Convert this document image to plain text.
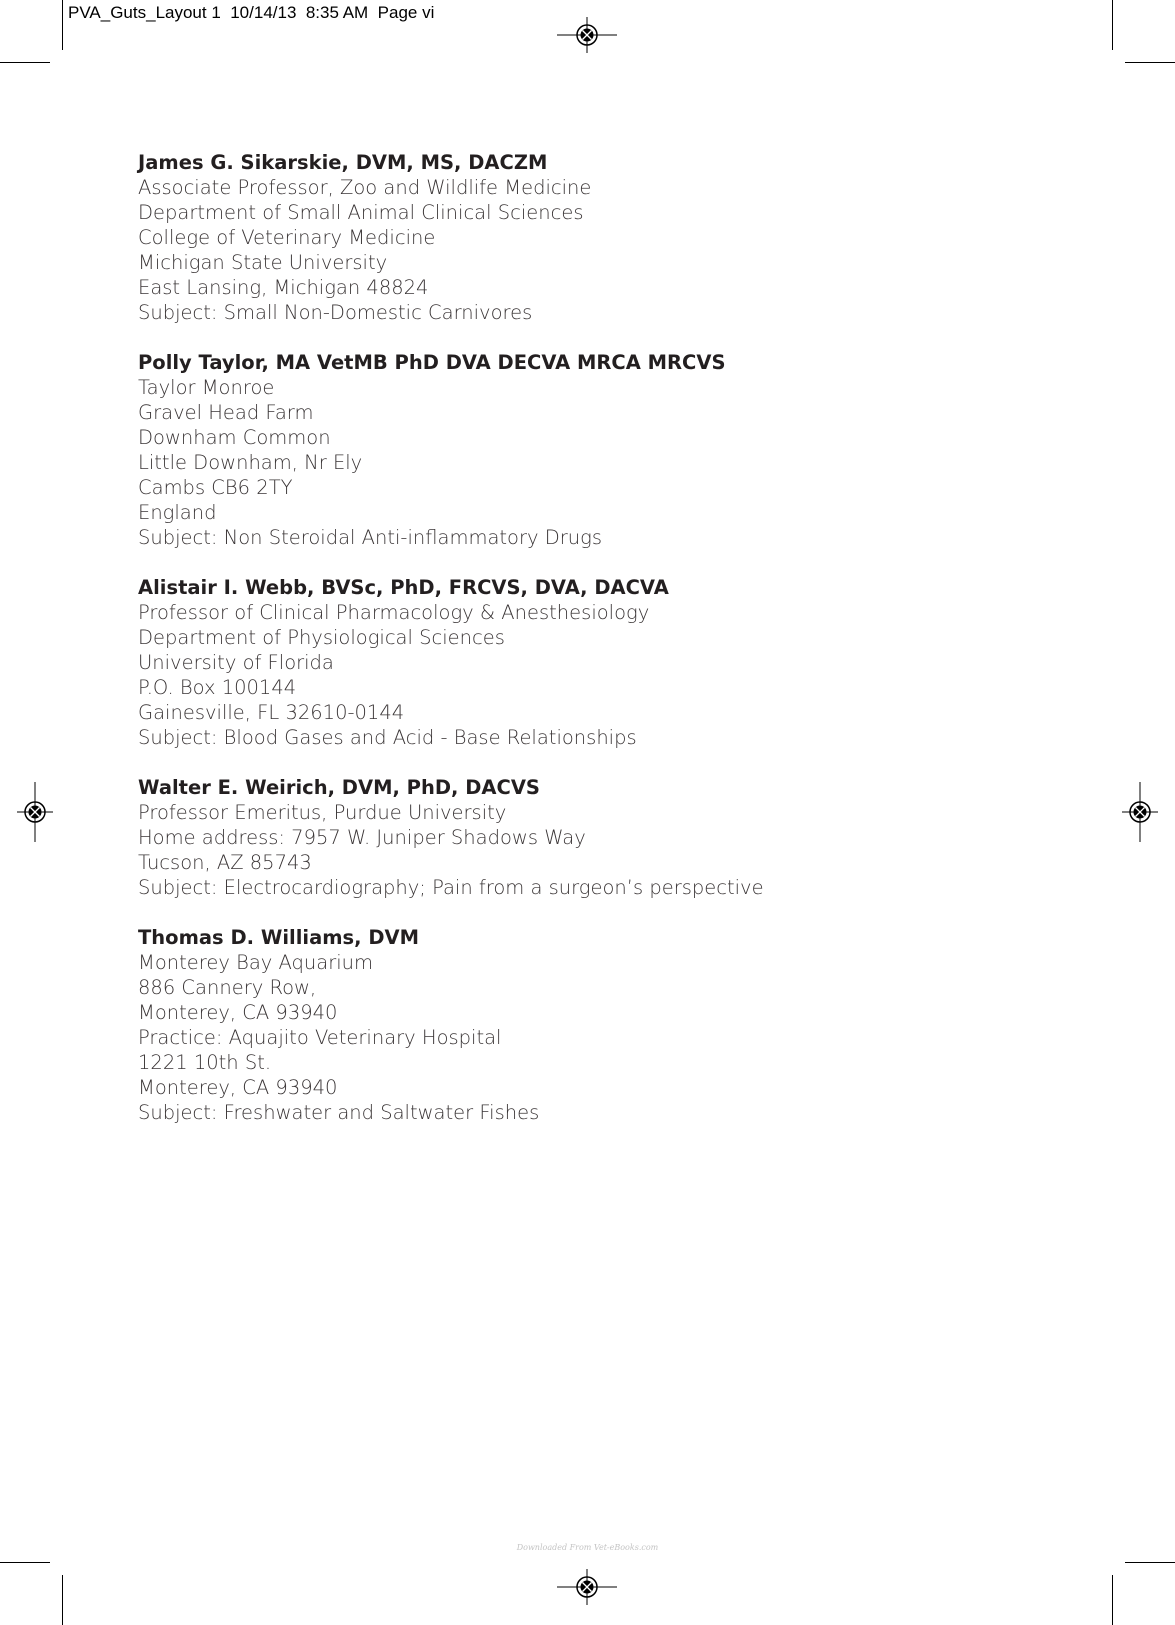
PVA_Guts_Layout 1  10/14/13  8:35 AM  Page vi
James G. Sikarskie, DVM, MS, DACZM
Associate Professor, Zoo and Wildlife Medicine
Department of Small Animal Clinical Sciences
College of Veterinary Medicine
Michigan State University
East Lansing, Michigan 48824
Subject: Small Non-Domestic Carnivores
Polly Taylor, MA VetMB PhD DVA DECVA MRCA MRCVS
Taylor Monroe
Gravel Head Farm
Downham Common
Little Downham, Nr Ely
Cambs CB6 2TY
England
Subject: Non Steroidal Anti-inflammatory Drugs
Alistair I. Webb, BVSc, PhD, FRCVS, DVA, DACVA
Professor of Clinical Pharmacology & Anesthesiology
Department of Physiological Sciences
University of Florida
P.O. Box 100144
Gainesville, FL 32610-0144
Subject: Blood Gases and Acid - Base Relationships
Walter E. Weirich, DVM, PhD, DACVS
Professor Emeritus, Purdue University
Home address: 7957 W. Juniper Shadows Way
Tucson, AZ 85743
Subject: Electrocardiography; Pain from a surgeon’s perspective
Thomas D. Williams, DVM
Monterey Bay Aquarium
886 Cannery Row,
Monterey, CA 93940
Practice: Aquajito Veterinary Hospital
1221 10th St.
Monterey, CA 93940
Subject: Freshwater and Saltwater Fishes
Downloaded From Vet-eBooks.com
